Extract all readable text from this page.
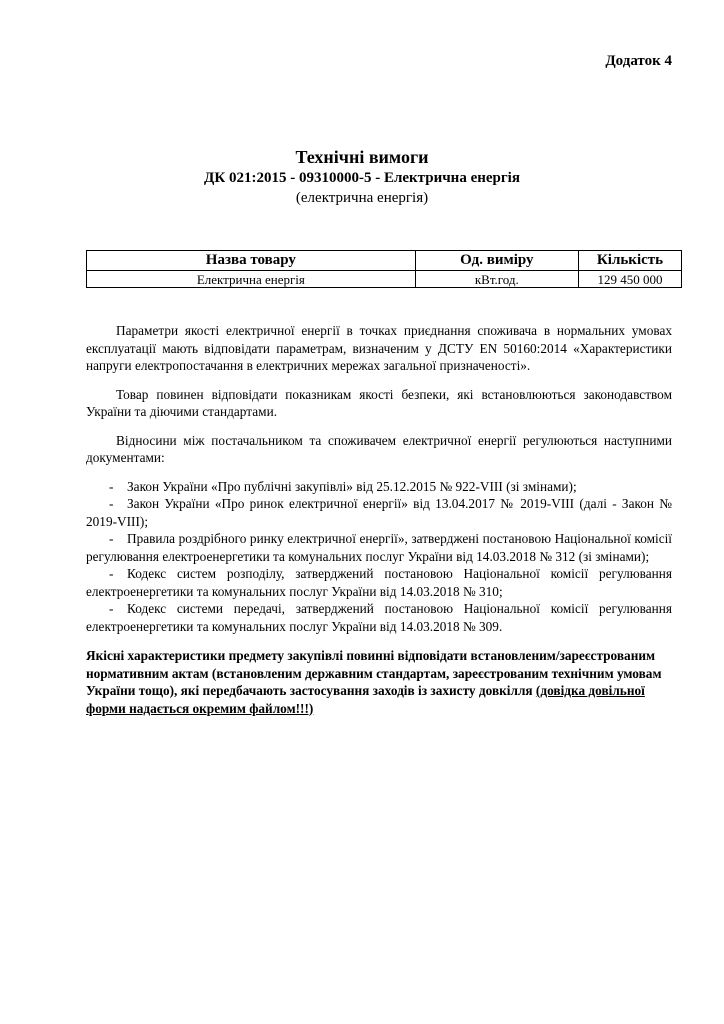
Додаток 4
Технічні вимоги
ДК 021:2015 - 09310000-5 - Електрична енергія
(електрична енергія)
Назва товару	Од. виміру	Кількість
Електрична енергія	кВт.год.	129 450 000

Параметри якості електричної енергії в точках приєднання споживача в нормальних умовах експлуатації мають відповідати параметрам, визначеним у ДСТУ EN 50160:2014 «Характеристики напруги електропостачання в електричних мережах загальної призначеності».

Товар повинен відповідати показникам якості безпеки, які встановлюються законодавством України та діючими стандартами.

Відносини між постачальником та споживачем електричної енергії регулюються наступними документами:

- Закон України «Про публічні закупівлі» від 25.12.2015 № 922-VIII (зі змінами);
- Закон України «Про ринок електричної енергії» від 13.04.2017 № 2019-VIII (далі - Закон № 2019-VIII);
- Правила роздрібного ринку електричної енергії», затверджені постановою Національної комісії регулювання електроенергетики та комунальних послуг України від 14.03.2018 № 312 (зі змінами);
- Кодекс систем розподілу, затверджений постановою Національної комісії регулювання електроенергетики та комунальних послуг України від 14.03.2018 № 310;
- Кодекс системи передачі, затверджений постановою Національної комісії регулювання електроенергетики та комунальних послуг України від 14.03.2018 № 309.

Якісні характеристики предмету закупівлі повинні відповідати встановленим/зареєстрованим нормативним актам (встановленим державним стандартам, зареєстрованим технічним умовам України тощо), які передбачають застосування заходів із захисту довкілля (довідка довільної форми надається окремим файлом!!!)
